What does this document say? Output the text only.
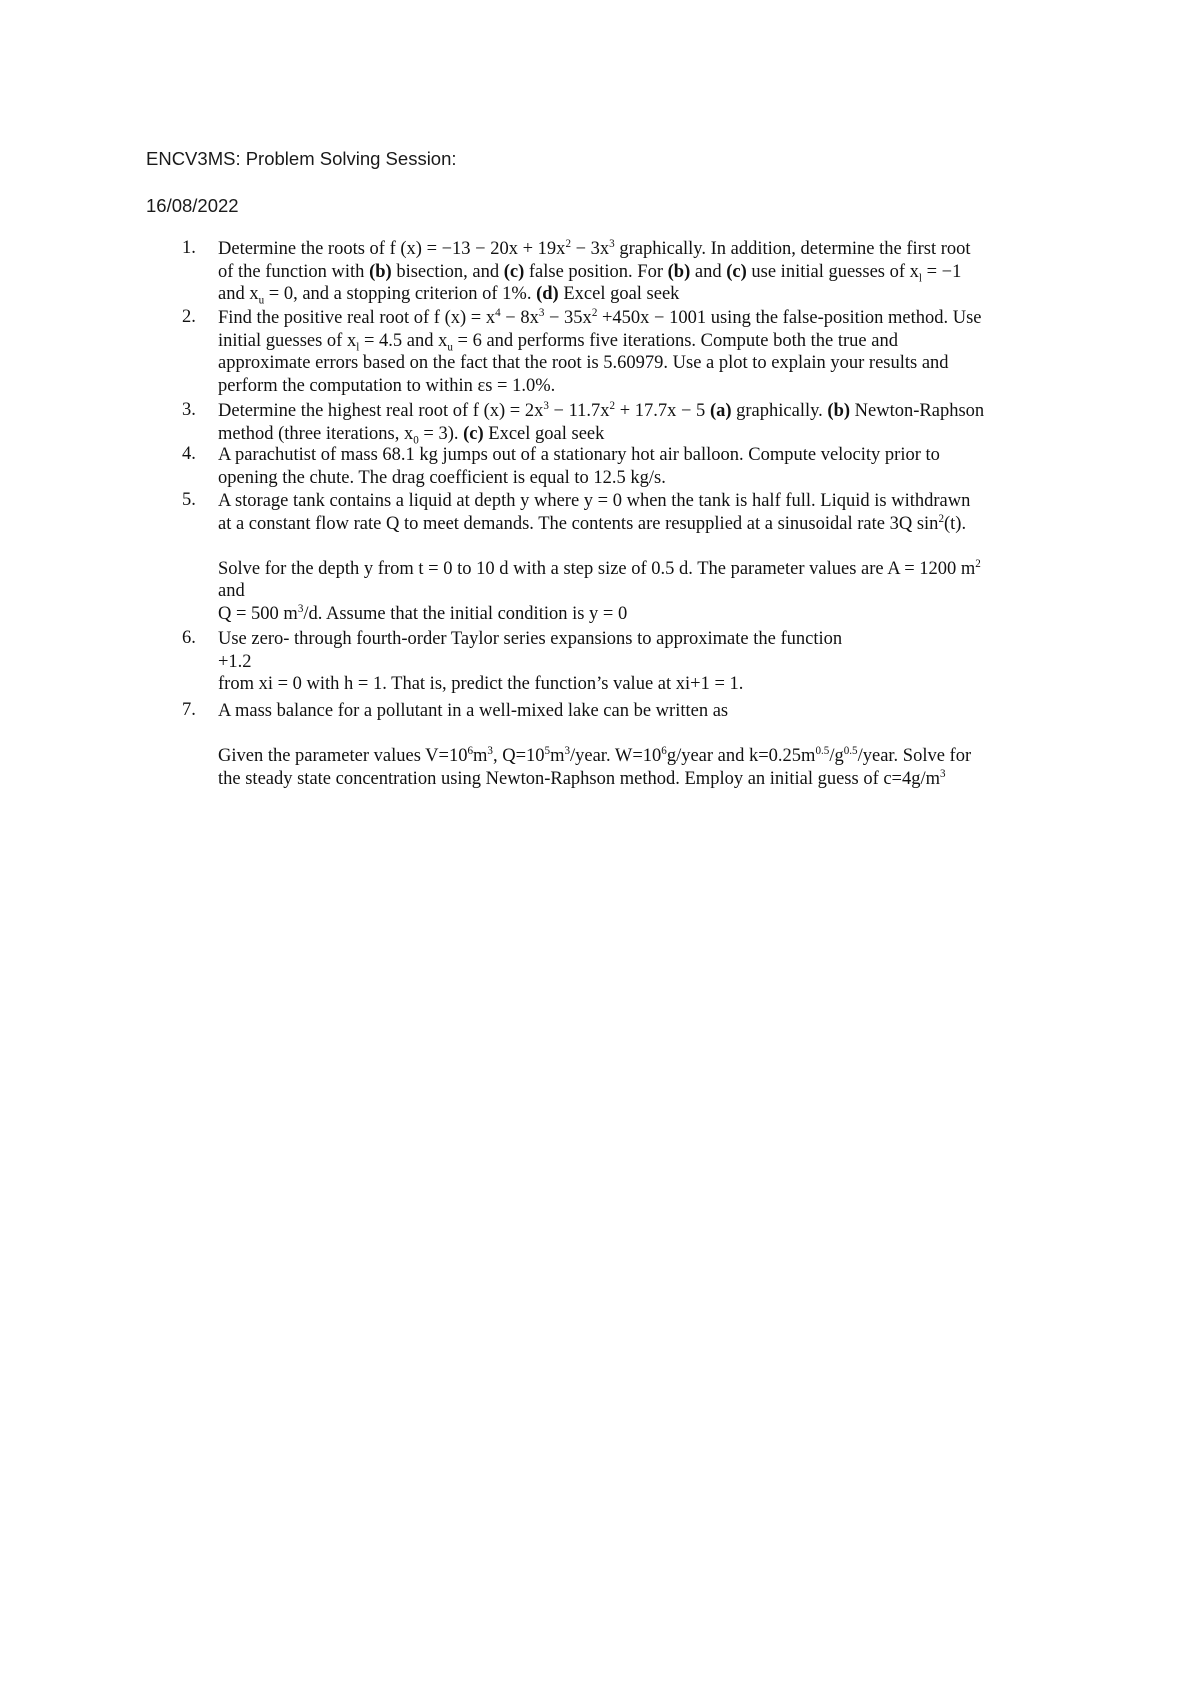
ENCV3MS: Problem Solving Session:
16/08/2022
1. Determine the roots of f $(x) = -13 - 20x + 19x^2 - 3x^3$ graphically. In addition, determine the first root
of the function with (b) bisection, and (c) false position. For (b) and (c) use initial guesses of $x_l = -1$
and $x_u = 0$, and a stopping criterion of 1%. (d) Excel goal seek
2. Find the positive real root of f $(x) = x^4 - 8x^3 - 35x^2 +450x - 1001$ using the false-position method. Use
initial guesses of $x_l = 4.5$ and $x_u = 6$ and performs five iterations. Compute both the true and
approximate errors based on the fact that the root is 5.60979. Use a plot to explain your results and
perform the computation to within εs = 1.0%.
3. Determine the highest real root of f $(x) = 2x^3 - 11.7x^2 + 17.7x - 5$ (a) graphically. (b) Newton-Raphson
method (three iterations, $x_0 = 3$). (c) Excel goal seek
4. A parachutist of mass 68.1 kg jumps out of a stationary hot air balloon. Compute velocity prior to
opening the chute. The drag coefficient is equal to 12.5 kg/s.
5. A storage tank contains a liquid at depth y where y = 0 when the tank is half full. Liquid is withdrawn
at a constant flow rate Q to meet demands. The contents are resupplied at a sinusoidal rate 3Q $\sin^2(t)$.
Solve for the depth y from t = 0 to 10 d with a step size of 0.5 d. The parameter values are A = 1200 $m^2$
and
Q = 500 $m^3/d$. Assume that the initial condition is y = 0
6. Use zero- through fourth-order Taylor series expansions to approximate the function
+1.2
from xi = 0 with h = 1. That is, predict the function’s value at xi+1 = 1.
7. A mass balance for a pollutant in a well-mixed lake can be written as
Given the parameter values $V=10^6m^3$, $Q=10^5m^3$/year. $W=10^6g$/year and $k=0.25m^{0.5}/g^{0.5}$/year. Solve for
the steady state concentration using Newton-Raphson method. Employ an initial guess of $c=4g/m^3$
